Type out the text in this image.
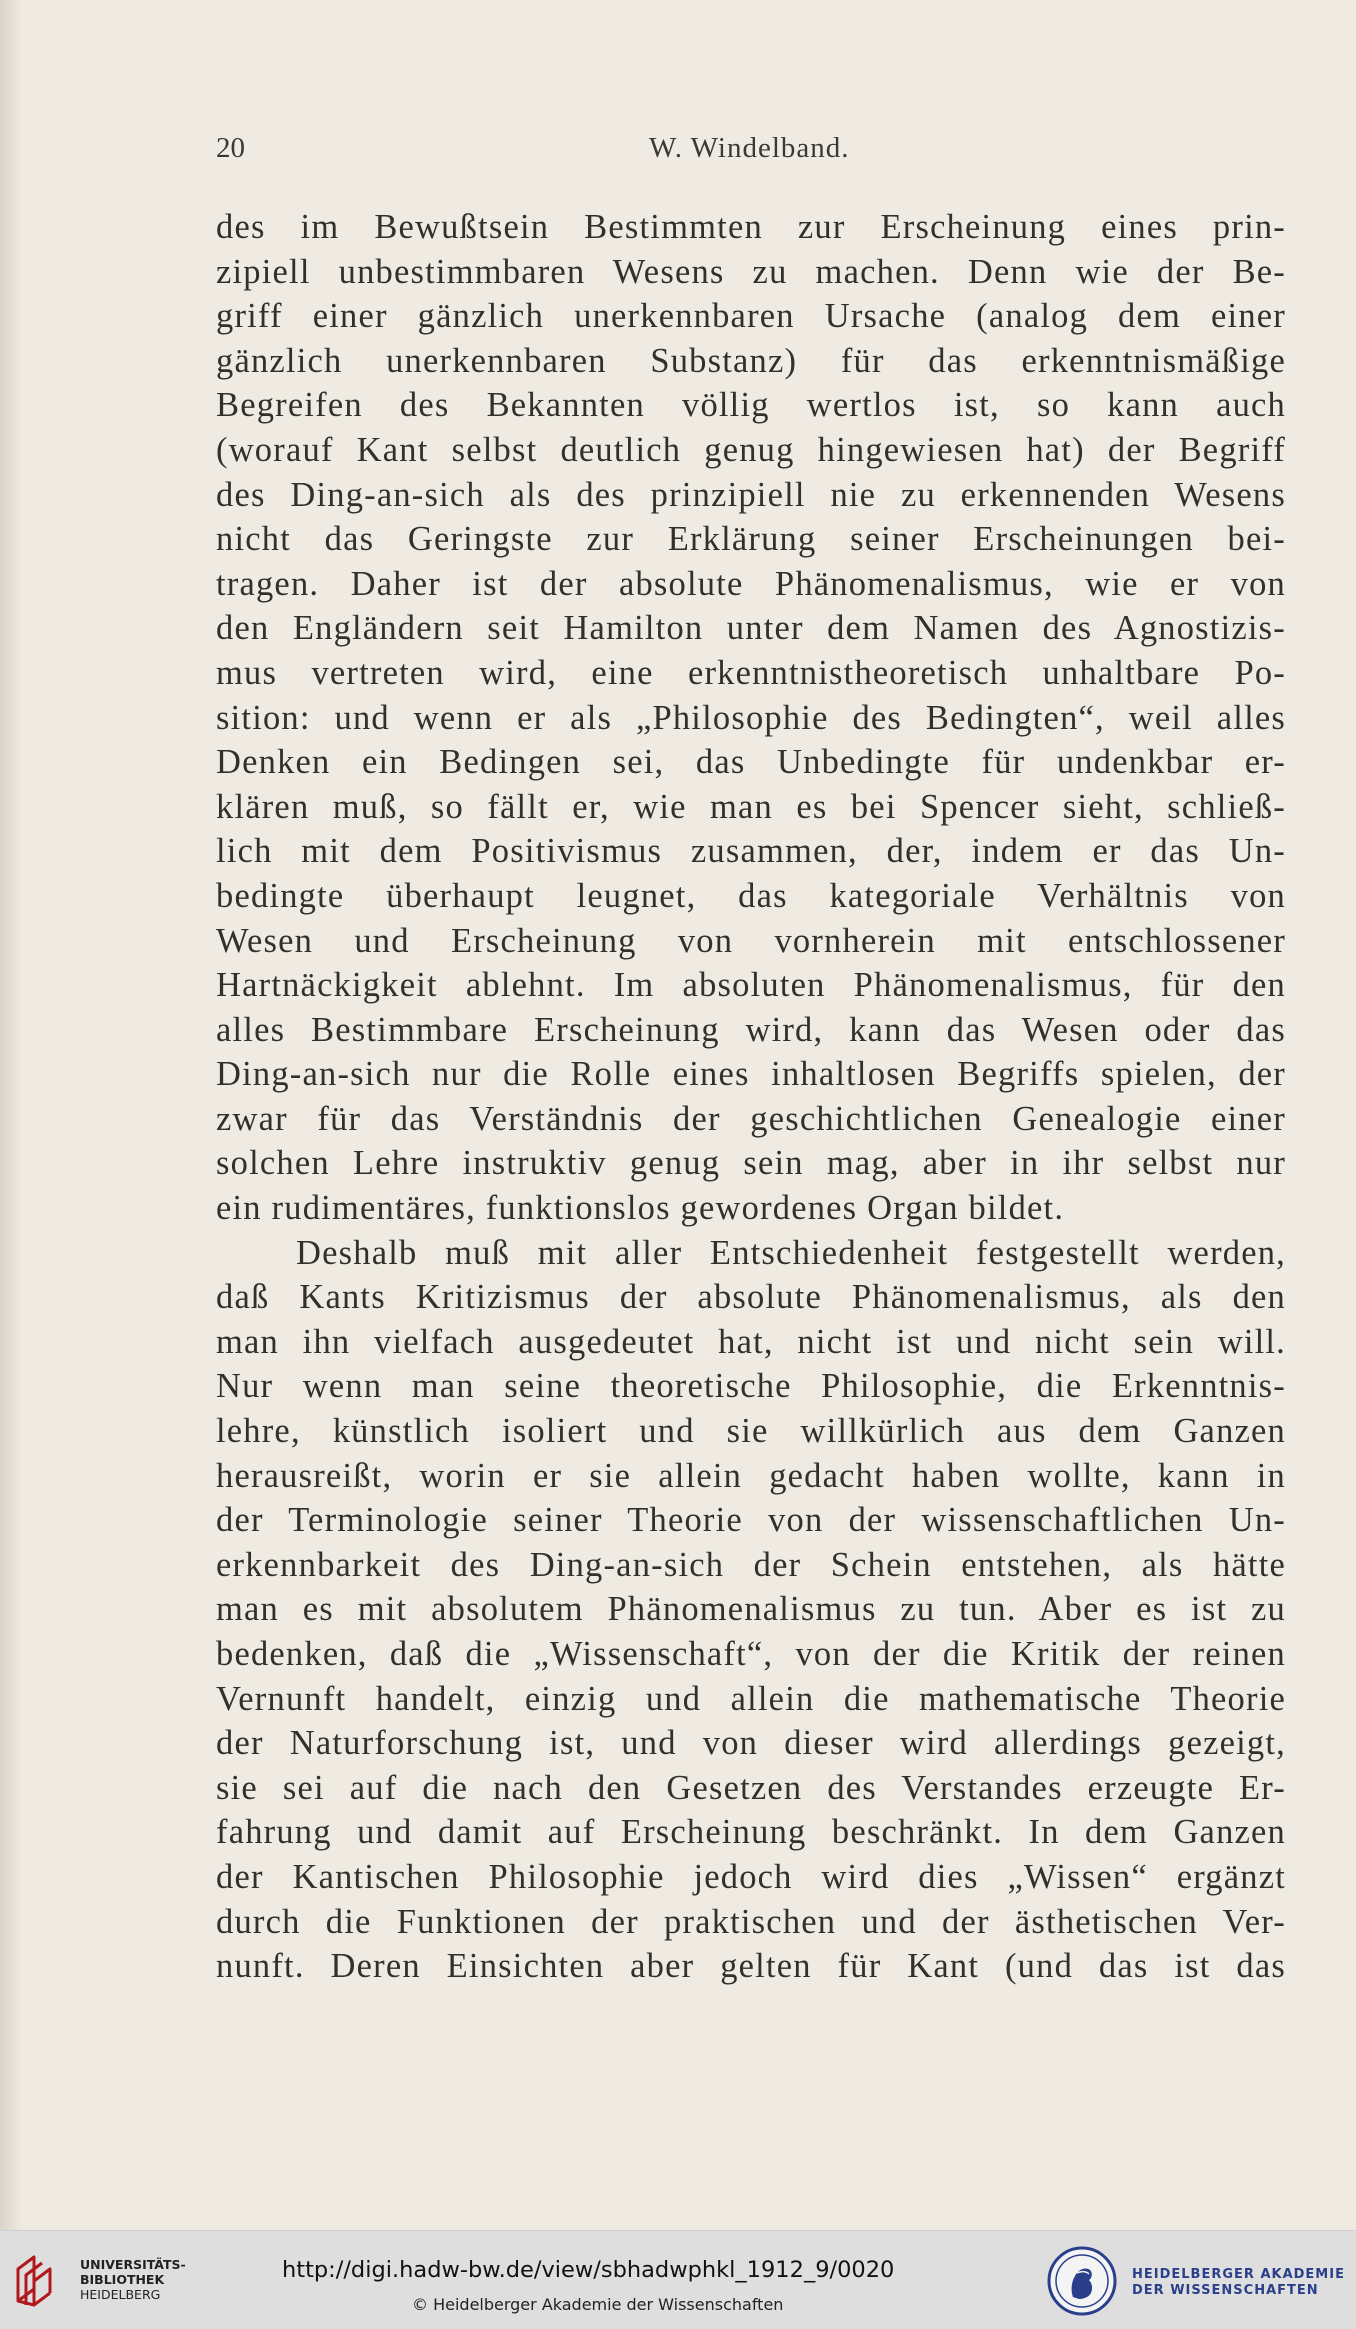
20	W. Windelband.
des im Bewußtsein Bestimmten zur Erscheinung eines prin-
zipiell unbestimmbaren Wesens zu machen. Denn wie der Be-
griff einer gänzlich unerkennbaren Ursache (analog dem einer
gänzlich unerkennbaren Substanz) für das erkenntnismäßige
Begreifen des Bekannten völlig wertlos ist, so kann auch
(worauf Kant selbst deutlich genug hingewiesen hat) der Begriff
des Ding-an-sich als des prinzipiell nie zu erkennenden Wesens
nicht das Geringste zur Erklärung seiner Erscheinungen bei-
tragen. Daher ist der absolute Phänomenalismus, wie er von
den Engländern seit Hamilton unter dem Namen des Agnostizis-
mus vertreten wird, eine erkenntnistheoretisch unhaltbare Po-
sition: und wenn er als „Philosophie des Bedingten“, weil alles
Denken ein Bedingen sei, das Unbedingte für undenkbar er-
klären muß, so fällt er, wie man es bei Spencer sieht, schließ-
lich mit dem Positivismus zusammen, der, indem er das Un-
bedingte überhaupt leugnet, das kategoriale Verhältnis von
Wesen und Erscheinung von vornherein mit entschlossener
Hartnäckigkeit ablehnt. Im absoluten Phänomenalismus, für den
alles Bestimmbare Erscheinung wird, kann das Wesen oder das
Ding-an-sich nur die Rolle eines inhaltlosen Begriffs spielen, der
zwar für das Verständnis der geschichtlichen Genealogie einer
solchen Lehre instruktiv genug sein mag, aber in ihr selbst nur
ein rudimentäres, funktionslos gewordenes Organ bildet.
Deshalb muß mit aller Entschiedenheit festgestellt werden,
daß Kants Kritizismus der absolute Phänomenalismus, als den
man ihn vielfach ausgedeutet hat, nicht ist und nicht sein will.
Nur wenn man seine theoretische Philosophie, die Erkenntnis-
lehre, künstlich isoliert und sie willkürlich aus dem Ganzen
herausreißt, worin er sie allein gedacht haben wollte, kann in
der Terminologie seiner Theorie von der wissenschaftlichen Un-
erkennbarkeit des Ding-an-sich der Schein entstehen, als hätte
man es mit absolutem Phänomenalismus zu tun. Aber es ist zu
bedenken, daß die „Wissenschaft“, von der die Kritik der reinen
Vernunft handelt, einzig und allein die mathematische Theorie
der Naturforschung ist, und von dieser wird allerdings gezeigt,
sie sei auf die nach den Gesetzen des Verstandes erzeugte Er-
fahrung und damit auf Erscheinung beschränkt. In dem Ganzen
der Kantischen Philosophie jedoch wird dies „Wissen“ ergänzt
durch die Funktionen der praktischen und der ästhetischen Ver-
nunft. Deren Einsichten aber gelten für Kant (und das ist das
UNIVERSITÄTS-
BIBLIOTHEK
HEIDELBERG
http://digi.hadw-bw.de/view/sbhadwphkl_1912_9/0020
© Heidelberger Akademie der Wissenschaften
HEIDELBERGER AKADEMIE
DER WISSENSCHAFTEN
